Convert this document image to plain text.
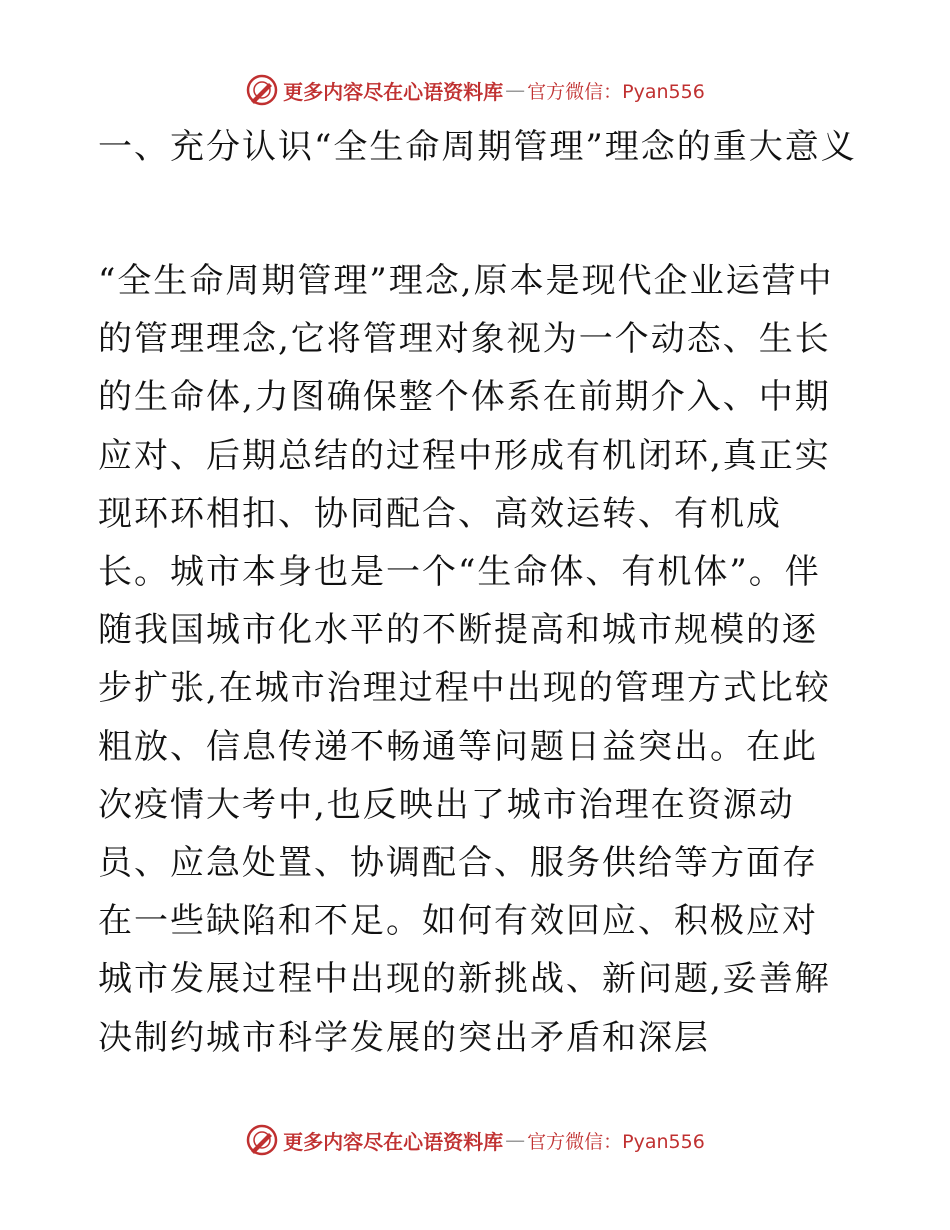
更多内容尽在心语资料库 — 官方微信：Pyan556
一、充分认识“全生命周期管理”理念的重大意义

“全生命周期管理”理念,原本是现代企业运营中的管理理念,它将管理对象视为一个动态、生长的生命体,力图确保整个体系在前期介入、中期应对、后期总结的过程中形成有机闭环,真正实现环环相扣、协同配合、高效运转、有机成长。城市本身也是一个“生命体、有机体”。伴随我国城市化水平的不断提高和城市规模的逐步扩张,在城市治理过程中出现的管理方式比较粗放、信息传递不畅通等问题日益突出。在此次疫情大考中,也反映出了城市治理在资源动员、应急处置、协调配合、服务供给等方面存在一些缺陷和不足。如何有效回应、积极应对城市发展过程中出现的新挑战、新问题,妥善解决制约城市科学发展的突出矛盾和深层

更多内容尽在心语资料库 — 官方微信：Pyan556
